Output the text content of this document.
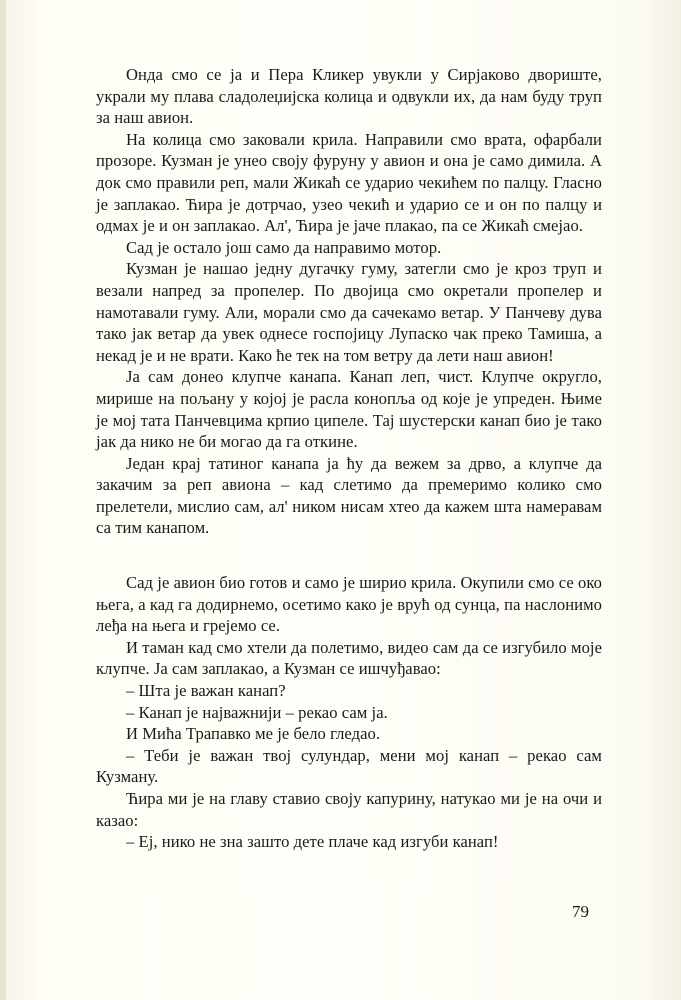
Онда смо се ја и Пера Кликер увукли у Сирјаково двориште, украли му плава сладолеџијска колица и одвукли их, да нам буду труп за наш авион.

На колица смо заковали крила. Направили смо врата, офарбали прозоре. Кузман је унео своју фуруну у авион и она је само димила. А док смо правили реп, мали Жикаћ се ударио чекићем по палцу. Гласно је заплакао. Ћира је дотрчао, узео чекић и ударио се и он по палцу и одмах је и он заплакао. Ал', Ћира је јаче плакао, па се Жикаћ смејао.

Сад је остало још само да направимо мотор.

Кузман је нашао једну дугачку гуму, затегли смо је кроз труп и везали напред за пропелер. По двојица смо окретали пропелер и намотавали гуму. Али, морали смо да сачекамо ветар. У Панчеву дува тако јак ветар да увек однесе госпојицу Лупаско чак преко Тамиша, а некад је и не врати. Како ће тек на том ветру да лети наш авион!

Ја сам донео клупче канапа. Канап леп, чист. Клупче округло, мирише на пољану у којој је расла конопља од које је упреден. Њиме је мој тата Панчевцима крпио ципеле. Тај шустерски канап био је тако јак да нико не би могао да га откине.

Један крај татиног канапа ја ћу да вежем за дрво, а клупче да закачим за реп авиона – кад слетимо да премеримо колико смо прелетели, мислио сам, ал' ником нисам хтео да кажем шта намеравам са тим канапом.

Сад је авион био готов и само је ширио крила. Окупили смо се око њега, а кад га додирнемо, осетимо како је врућ од сунца, па наслонимо леђа на њега и грејемо се.

И таман кад смо хтели да полетимо, видео сам да се изгубило моје клупче. Ја сам заплакао, а Кузман се ишчуђавао:

– Шта је важан канап?

– Канап је најважнији – рекао сам ја.

И Мића Трапавко ме је бело гледао.

– Теби је важан твој сулундар, мени мој канап – рекао сам Кузману.

Ћира ми је на главу ставио своју капурину, натукао ми је на очи и казао:

– Ej, нико не зна зашто дете плаче кад изгуби канап!

79
